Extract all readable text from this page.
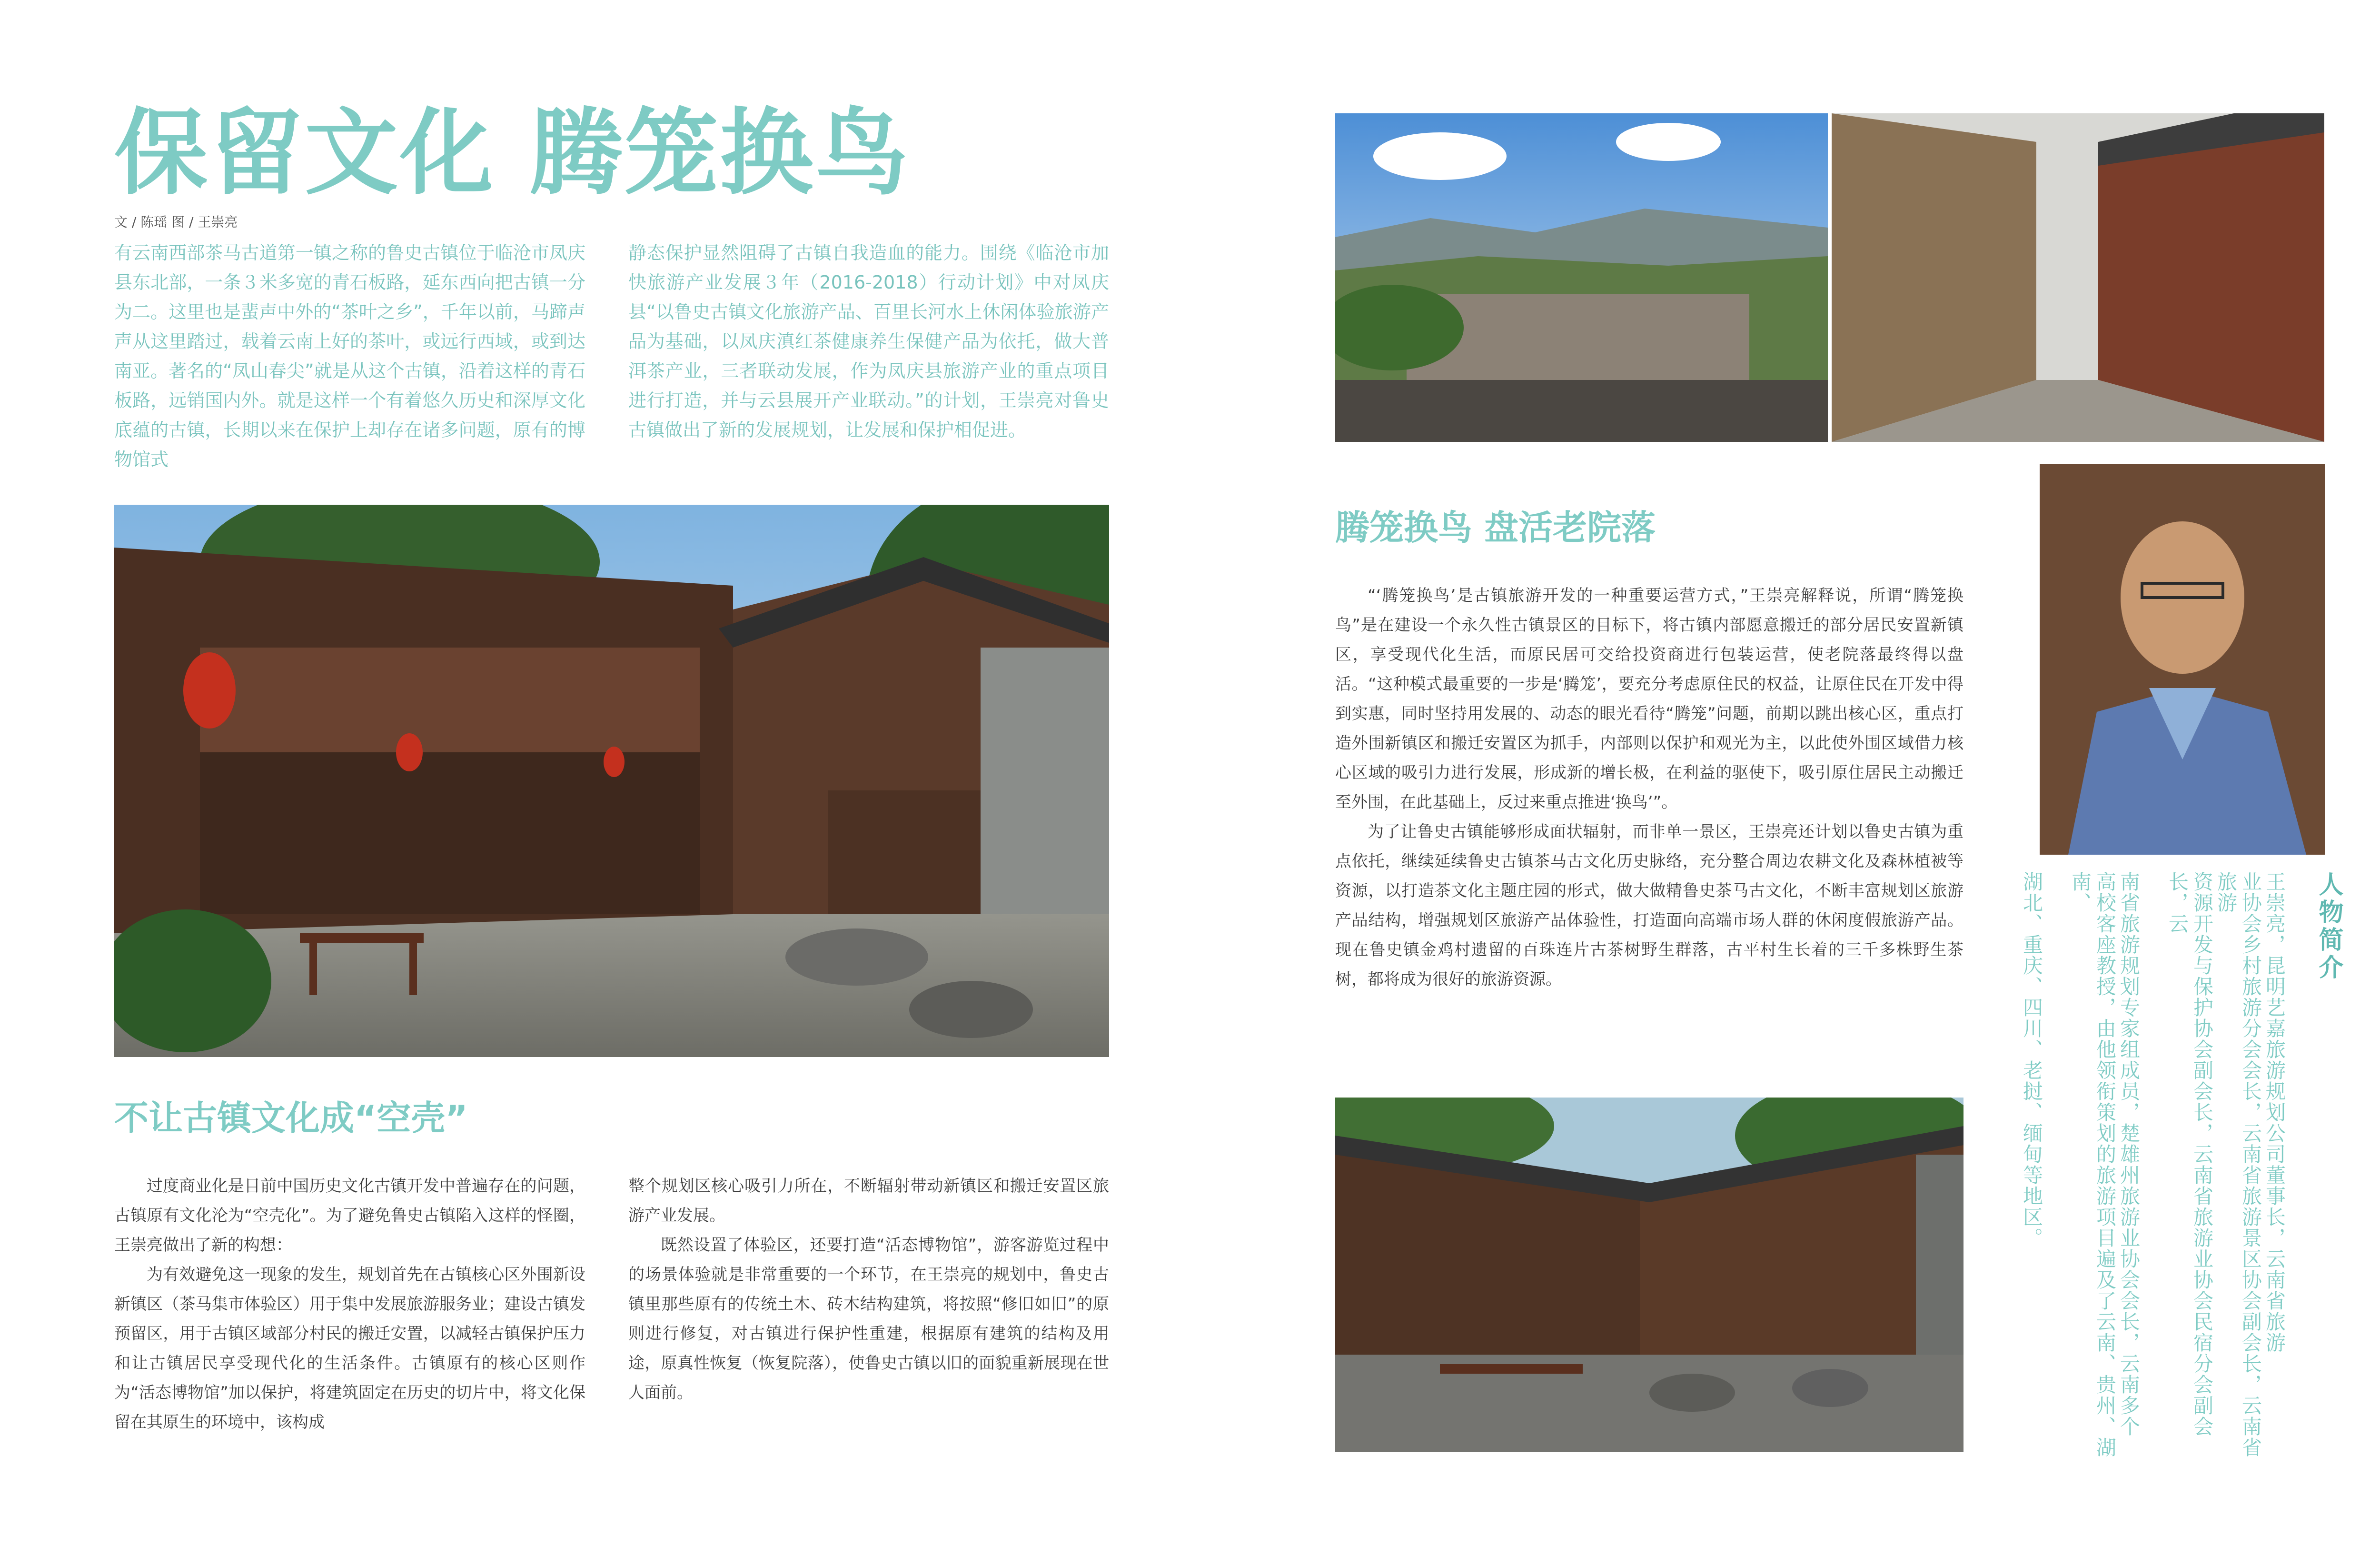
保留文化 腾笼换鸟
文 / 陈瑶 图 / 王崇亮

有云南西部茶马古道第一镇之称的鲁史古镇位于临沧市凤庆县东北部，一条３米多宽的青石板路，延东西向把古镇一分为二。这里也是蜚声中外的“茶叶之乡”，千年以前，马蹄声声从这里踏过，载着云南上好的茶叶，或远行西域，或到达南亚。著名的“凤山春尖”就是从这个古镇，沿着这样的青石板路，远销国内外。就是这样一个有着悠久历史和深厚文化底蕴的古镇，长期以来在保护上却存在诸多问题，原有的博物馆式

静态保护显然阻碍了古镇自我造血的能力。围绕《临沧市加快旅游产业发展３年（2016-2018）行动计划》中对凤庆县“以鲁史古镇文化旅游产品、百里长河水上休闲体验旅游产品为基础，以凤庆滇红茶健康养生保健产品为依托，做大普洱茶产业，三者联动发展，作为凤庆县旅游产业的重点项目进行打造，并与云县展开产业联动。”的计划，王崇亮对鲁史古镇做出了新的发展规划，让发展和保护相促进。

不让古镇文化成“空壳”

过度商业化是目前中国历史文化古镇开发中普遍存在的问题，古镇原有文化沦为“空壳化”。为了避免鲁史古镇陷入这样的怪圈，王崇亮做出了新的构想：

为有效避免这一现象的发生，规划首先在古镇核心区外围新设新镇区（茶马集市体验区）用于集中发展旅游服务业；建设古镇发预留区，用于古镇区域部分村民的搬迁安置，以减轻古镇保护压力和让古镇居民享受现代化的生活条件。古镇原有的核心区则作为“活态博物馆”加以保护，将建筑固定在历史的切片中，将文化保留在其原生的环境中，该构成

整个规划区核心吸引力所在，不断辐射带动新镇区和搬迁安置区旅游产业发展。

既然设置了体验区，还要打造“活态博物馆”，游客游览过程中的场景体验就是非常重要的一个环节，在王崇亮的规划中，鲁史古镇里那些原有的传统土木、砖木结构建筑，将按照“修旧如旧”的原则进行修复，对古镇进行保护性重建，根据原有建筑的结构及用途，原真性恢复（恢复院落），使鲁史古镇以旧的面貌重新展现在世人面前。

腾笼换鸟 盘活老院落

“‘腾笼换鸟’是古镇旅游开发的一种重要运营方式，”王崇亮解释说，所谓“腾笼换鸟”是在建设一个永久性古镇景区的目标下，将古镇内部愿意搬迁的部分居民安置新镇区，享受现代化生活，而原民居可交给投资商进行包装运营，使老院落最终得以盘活。“这种模式最重要的一步是‘腾笼’，要充分考虑原住民的权益，让原住民在开发中得到实惠，同时坚持用发展的、动态的眼光看待“腾笼”问题，前期以跳出核心区，重点打造外围新镇区和搬迁安置区为抓手，内部则以保护和观光为主，以此使外围区域借力核心区域的吸引力进行发展，形成新的增长极，在利益的驱使下，吸引原住居民主动搬迁至外围，在此基础上，反过来重点推进‘换鸟’”。

为了让鲁史古镇能够形成面状辐射，而非单一景区，王崇亮还计划以鲁史古镇为重点依托，继续延续鲁史古镇茶马古文化历史脉络，充分整合周边农耕文化及森林植被等资源，以打造茶文化主题庄园的形式，做大做精鲁史茶马古文化，不断丰富规划区旅游产品结构，增强规划区旅游产品体验性，打造面向高端市场人群的休闲度假旅游产品。现在鲁史镇金鸡村遗留的百珠连片古茶树野生群落，古平村生长着的三千多株野生茶树，都将成为很好的旅游资源。	人物简介
王崇亮，昆明艺嘉旅游规划公司董事长，云南省旅游
业协会乡村旅游分会会长，云南省旅游景区协会副会长，云南省旅游
资源开发与保护协会副会长，云南省旅游业协会民宿分会副会长，云
南省旅游规划专家组成员，楚雄州旅游业协会会长，云南多个
高校客座教授，由他领衔策划的旅游项目遍及了云南、贵州、湖南、
湖北、重庆、四川、老挝、缅甸等地区。
